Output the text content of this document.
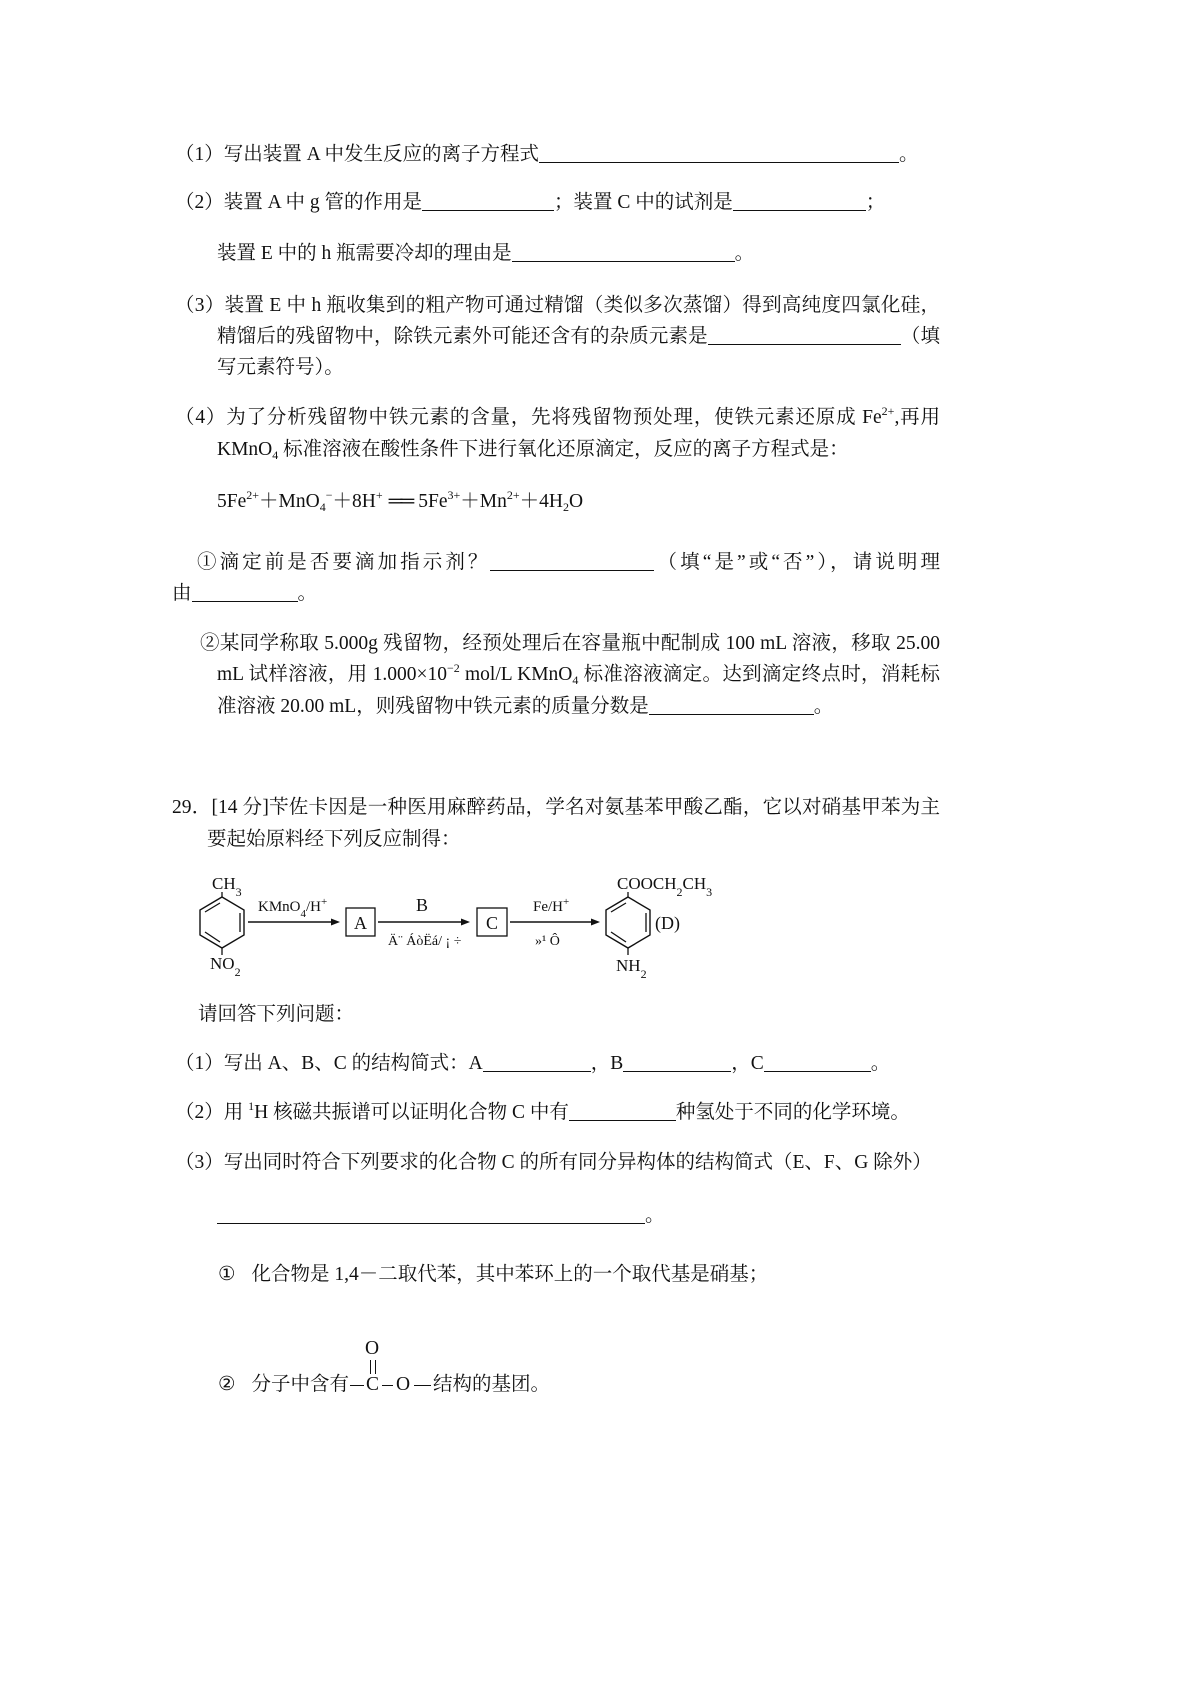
（1）写出装置 A 中发生反应的离子方程式	。
（2）装置 A 中 g 管的作用是	；装置 C 中的试剂是	；
装置 E 中的 h 瓶需要冷却的理由是	。
（3）装置 E 中 h 瓶收集到的粗产物可通过精馏（类似多次蒸馏）得到高纯度四氯化硅，
精馏后的残留物中，除铁元素外可能还含有的杂质元素是	（填
写元素符号）。
（4）为了分析残留物中铁元素的含量，先将残留物预处理，使铁元素还原成 $Fe^{2+}$,再用
KMnO$_4$ 标准溶液在酸性条件下进行氧化还原滴定，反应的离子方程式是：
$5Fe^{2+}+MnO_4^-+8H^+$ ══ $5Fe^{3+}+Mn^{2+}+4H_2O$
①滴定前是否要滴加指示剂？	（填“是”或“否”），请说明理
由	。
②某同学称取 5.000g 残留物，经预处理后在容量瓶中配制成 100 mL 溶液，移取 25.00
mL 试样溶液，用 $1.000\times 10^{-2}$ mol/L KMnO$_4$ 标准溶液滴定。达到滴定终点时，消耗标
准溶液 20.00 mL，则残留物中铁元素的质量分数是	。
29．[14 分]苄佐卡因是一种医用麻醉药品，学名对氨基苯甲酸乙酯，它以对硝基甲苯为主
要起始原料经下列反应制得：
$CH_3$
$NO_2$
KMnO$_4$/H+
A
B
Ä¨ ÁòËá/ ¡ ÷
C
Fe/H+
»¹ Ô
$COOCH_2CH_3$
$NH_2$
(D)
请回答下列问题：
（1）写出 A、B、C 的结构简式：A	，B	，C	。
（2）用 $^1$H 核磁共振谱可以证明化合物 C 中有	种氢处于不同的化学环境。
（3）写出同时符合下列要求的化合物 C 的所有同分异构体的结构简式（E、F、G 除外）
。
① 化合物是 1,4－二取代苯，其中苯环上的一个取代基是硝基；
② 分子中含有
O
C O 结构的基团。
